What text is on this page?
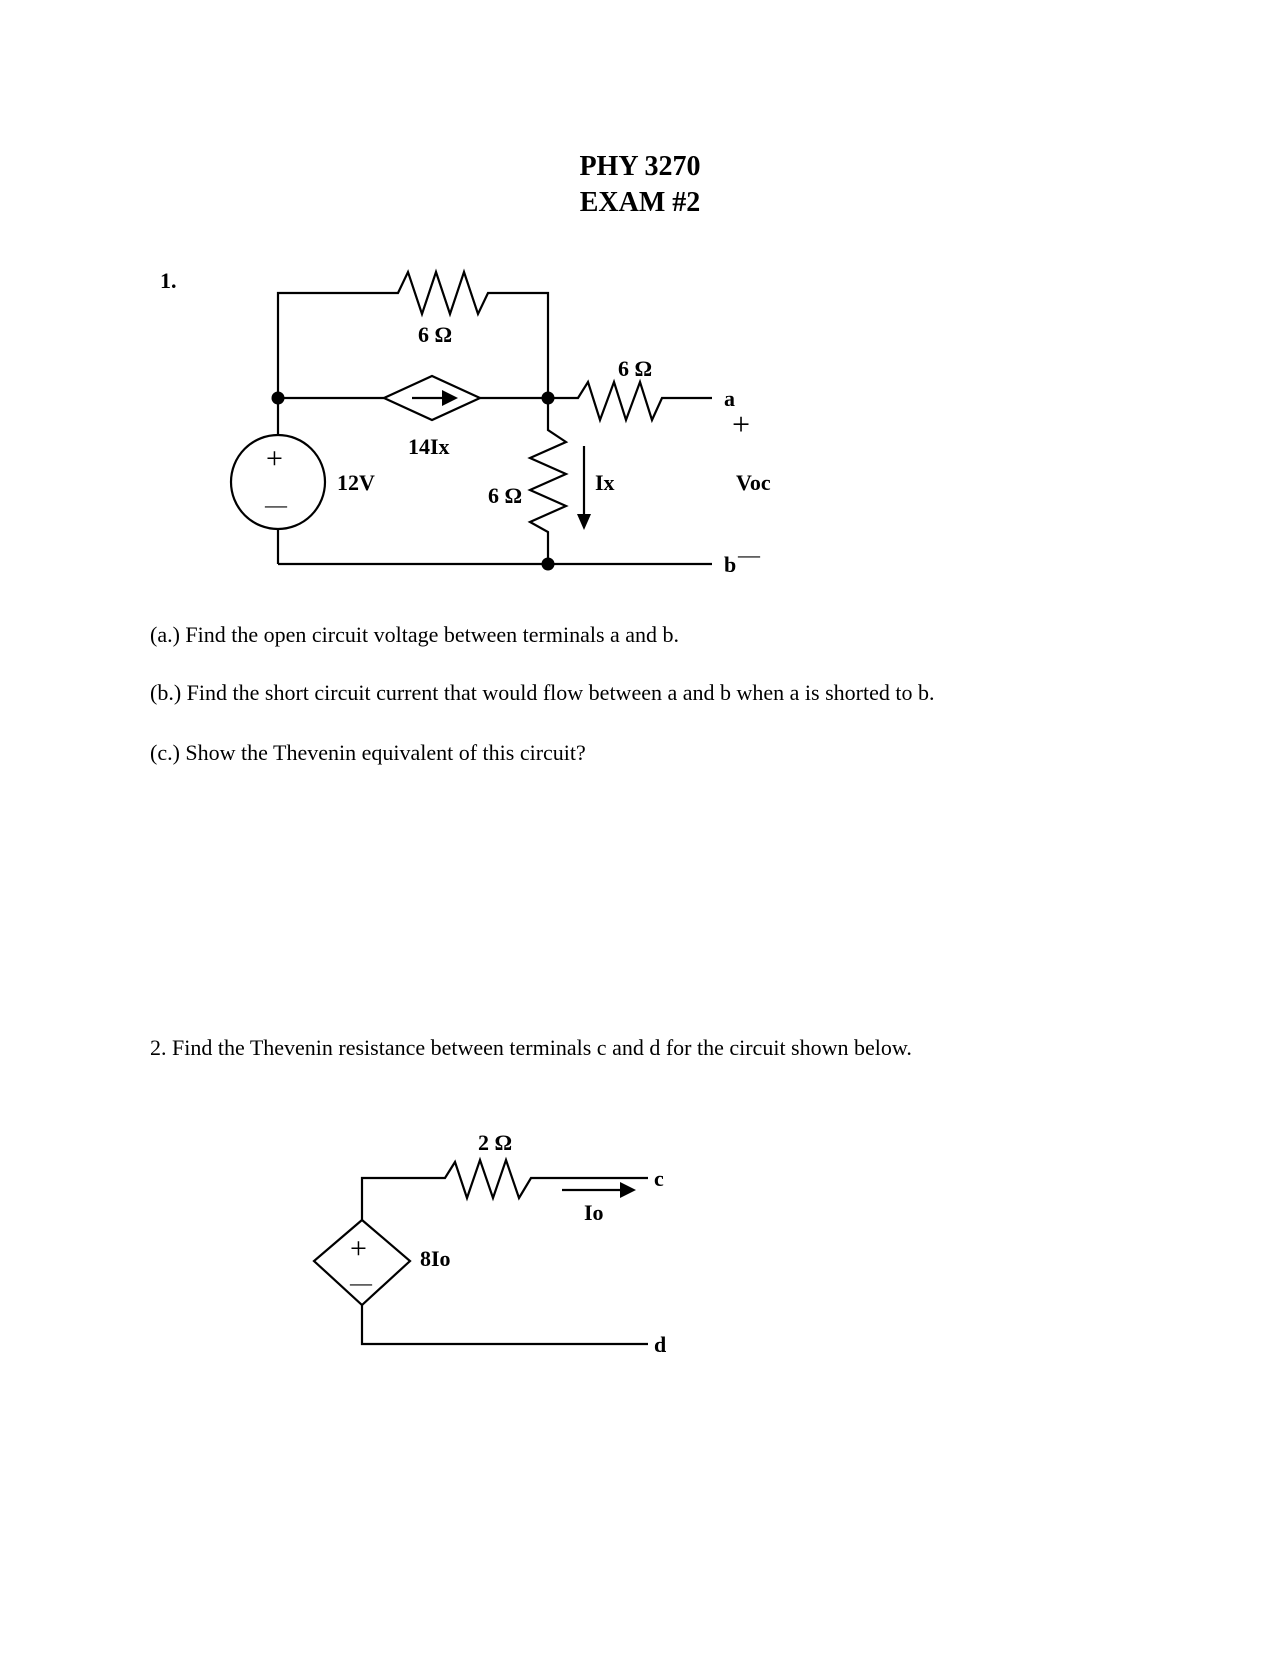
PHY 3270
EXAM #2
1.
6 Ω
6 Ω
6 Ω
14Ix
12V	Ix
a
+
Voc
b —
+
—
2 Ω
Io
8Io
c
d
+
—
(a.) Find the open circuit voltage between terminals a and b.
(b.) Find the short circuit current that would flow between a and b when a is shorted to b.
(c.) Show the Thevenin equivalent of this circuit?
2. Find the Thevenin resistance between terminals c and d for the circuit shown below.
